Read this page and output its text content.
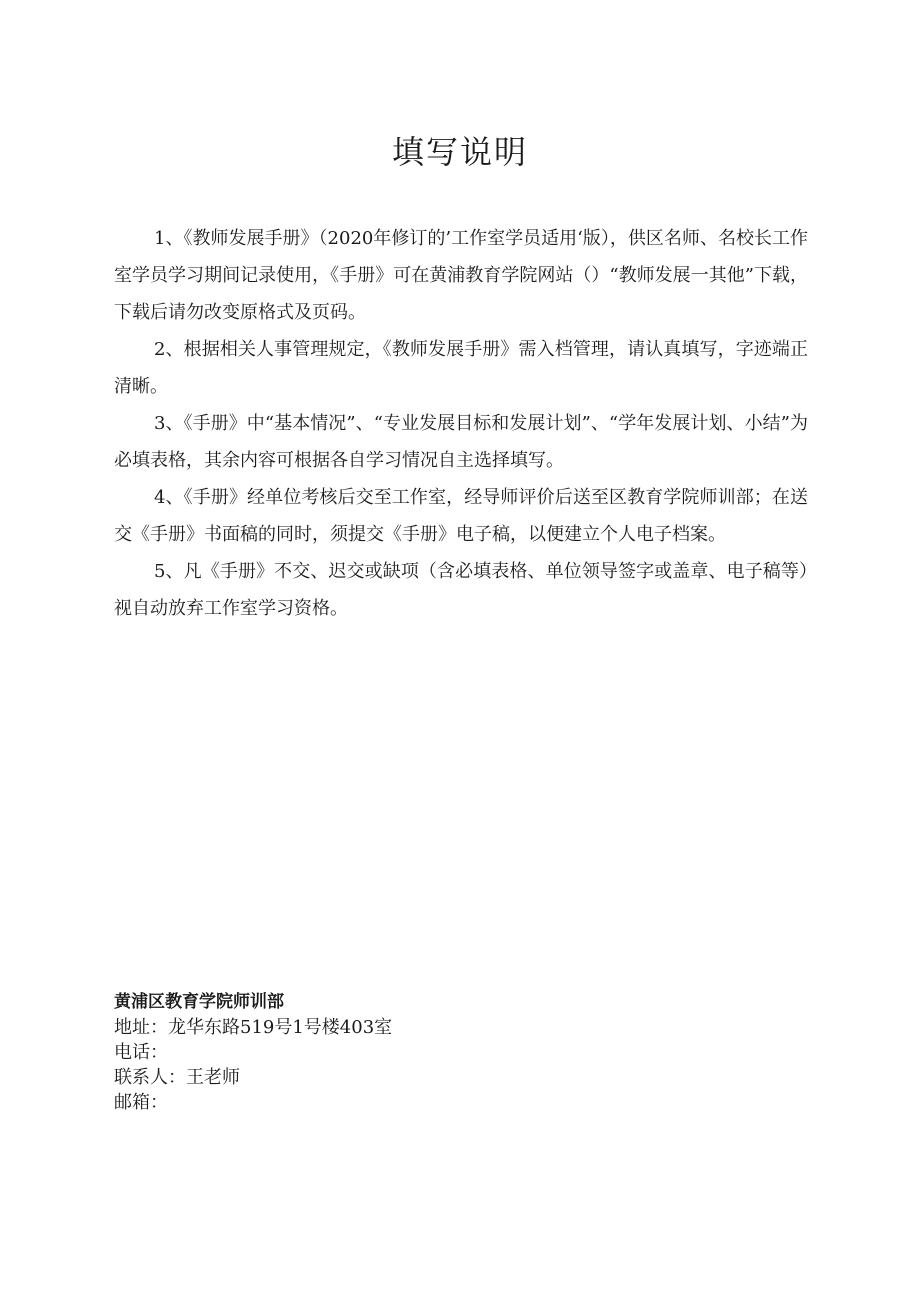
填写说明

1、《教师发展手册》（2020年修订的’工作室学员适用‘版），供区名师、名校长工作室学员学习期间记录使用，《手册》可在黄浦教育学院网站（）“教师发展一其他”下载，下载后请勿改变原格式及页码。

2、根据相关人事管理规定，《教师发展手册》需入档管理，请认真填写，字迹端正清晰。

3、《手册》中“基本情况”、“专业发展目标和发展计划”、“学年发展计划、小结”为必填表格，其余内容可根据各自学习情况自主选择填写。

4、《手册》经单位考核后交至工作室，经导师评价后送至区教育学院师训部；在送交《手册》书面稿的同时，须提交《手册》电子稿，以便建立个人电子档案。

5、凡《手册》不交、迟交或缺项（含必填表格、单位领导签字或盖章、电子稿等）视自动放弃工作室学习资格。

黄浦区教育学院师训部
地址：龙华东路519号1号楼403室
电话：
联系人：王老师
邮箱：
